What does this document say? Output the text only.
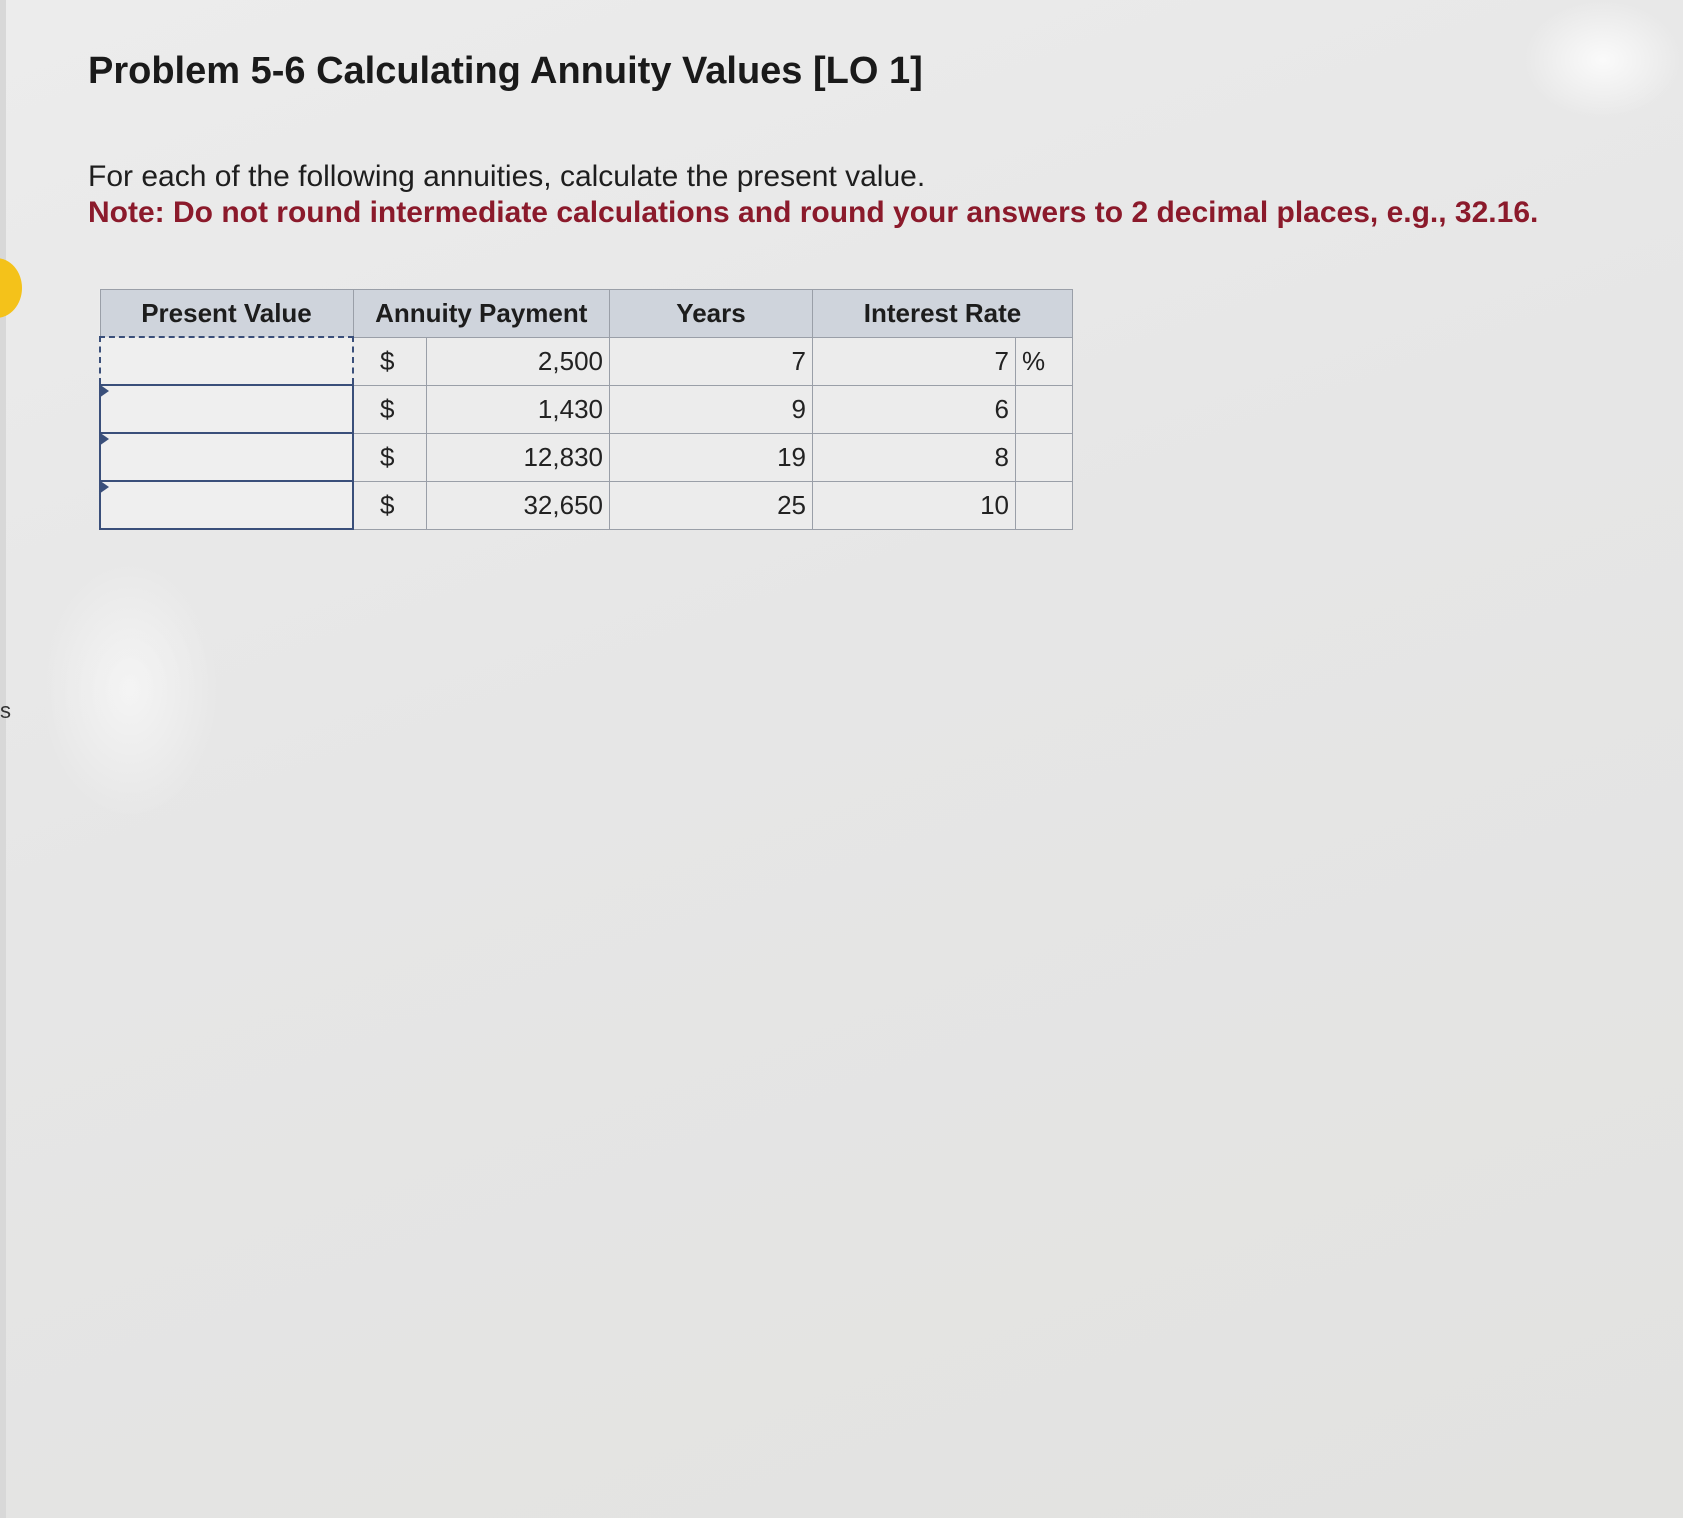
s
Problem 5-6 Calculating Annuity Values [LO 1]
For each of the following annuities, calculate the present value.
Note: Do not round intermediate calculations and round your answers to 2 decimal places, e.g., 32.16.
Present Value	Annuity Payment		Years	Interest Rate	
	$	2,500	7	7	%

	$	1,430	9	6	

	$	12,830	19	8	

	$	32,650	25	10	
